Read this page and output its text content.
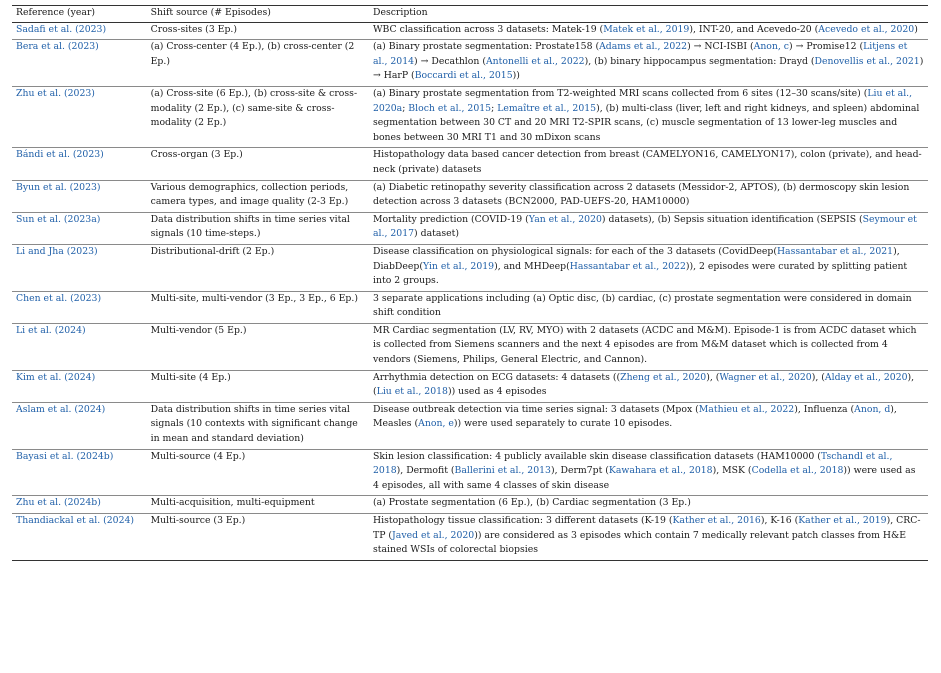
Reference (year)	Shift source (# Episodes)	Description
Sadafi et al. (2023)	Cross-sites (3 Ep.)	WBC classification across 3 datasets: Matek-19 (Matek et al., 2019), INT-20, and Acevedo-20 (Acevedo et al., 2020)
Bera et al. (2023)	(a) Cross-center (4 Ep.), (b) cross-center (2 Ep.)	(a) Binary prostate segmentation: Prostate158 (Adams et al., 2022) → NCI-ISBI (Anon, c) → Promise12 (Litjens et al., 2014) → Decathlon (Antonelli et al., 2022), (b) binary hippocampus segmentation: Drayd (Denovellis et al., 2021) → HarP (Boccardi et al., 2015))
Zhu et al. (2023)	(a) Cross-site (6 Ep.), (b) cross-site & cross-modality (2 Ep.), (c) same-site & cross-modality (2 Ep.)	(a) Binary prostate segmentation from T2-weighted MRI scans collected from 6 sites (12–30 scans/site) (Liu et al., 2020a; Bloch et al., 2015; Lemaître et al., 2015), (b) multi-class (liver, left and right kidneys, and spleen) abdominal segmentation between 30 CT and 20 MRI T2-SPIR scans, (c) muscle segmentation of 13 lower-leg muscles and bones between 30 MRI T1 and 30 mDixon scans
Bándi et al. (2023)	Cross-organ (3 Ep.)	Histopathology data based cancer detection from breast (CAMELYON16, CAMELYON17), colon (private), and head-neck (private) datasets
Byun et al. (2023)	Various demographics, collection periods, camera types, and image quality (2-3 Ep.)	(a) Diabetic retinopathy severity classification across 2 datasets (Messidor-2, APTOS), (b) dermoscopy skin lesion detection across 3 datasets (BCN2000, PAD-UEFS-20, HAM10000)
Sun et al. (2023a)	Data distribution shifts in time series vital signals (10 time-steps.)	Mortality prediction (COVID-19 (Yan et al., 2020) datasets), (b) Sepsis situation identification (SEPSIS (Seymour et al., 2017) dataset)
Li and Jha (2023)	Distributional-drift (2 Ep.)	Disease classification on physiological signals: for each of the 3 datasets (CovidDeep(Hassantabar et al., 2021), DiabDeep(Yin et al., 2019), and MHDeep(Hassantabar et al., 2022)), 2 episodes were curated by splitting patient into 2 groups.
Chen et al. (2023)	Multi-site, multi-vendor (3 Ep., 3 Ep., 6 Ep.)	3 separate applications including (a) Optic disc, (b) cardiac, (c) prostate segmentation were considered in domain shift condition
Li et al. (2024)	Multi-vendor (5 Ep.)	MR Cardiac segmentation (LV, RV, MYO) with 2 datasets (ACDC and M&M). Episode-1 is from ACDC dataset which is collected from Siemens scanners and the next 4 episodes are from M&M dataset which is collected from 4 vendors (Siemens, Philips, General Electric, and Cannon).
Kim et al. (2024)	Multi-site (4 Ep.)	Arrhythmia detection on ECG datasets: 4 datasets ((Zheng et al., 2020), (Wagner et al., 2020), (Alday et al., 2020), (Liu et al., 2018)) used as 4 episodes
Aslam et al. (2024)	Data distribution shifts in time series vital signals (10 contexts with significant change in mean and standard deviation)	Disease outbreak detection via time series signal: 3 datasets (Mpox (Mathieu et al., 2022), Influenza (Anon, d), Measles (Anon, e)) were used separately to curate 10 episodes.
Bayasi et al. (2024b)	Multi-source (4 Ep.)	Skin lesion classification: 4 publicly available skin disease classification datasets (HAM10000 (Tschandl et al., 2018), Dermofit (Ballerini et al., 2013), Derm7pt (Kawahara et al., 2018), MSK (Codella et al., 2018)) were used as 4 episodes, all with same 4 classes of skin disease
Zhu et al. (2024b)	Multi-acquisition, multi-equipment	(a) Prostate segmentation (6 Ep.), (b) Cardiac segmentation (3 Ep.)
Thandiackal et al. (2024)	Multi-source (3 Ep.)	Histopathology tissue classification: 3 different datasets (K-19 (Kather et al., 2016), K-16 (Kather et al., 2019), CRC-TP (Javed et al., 2020)) are considered as 3 episodes which contain 7 medically relevant patch classes from H&E stained WSIs of colorectal biopsies
